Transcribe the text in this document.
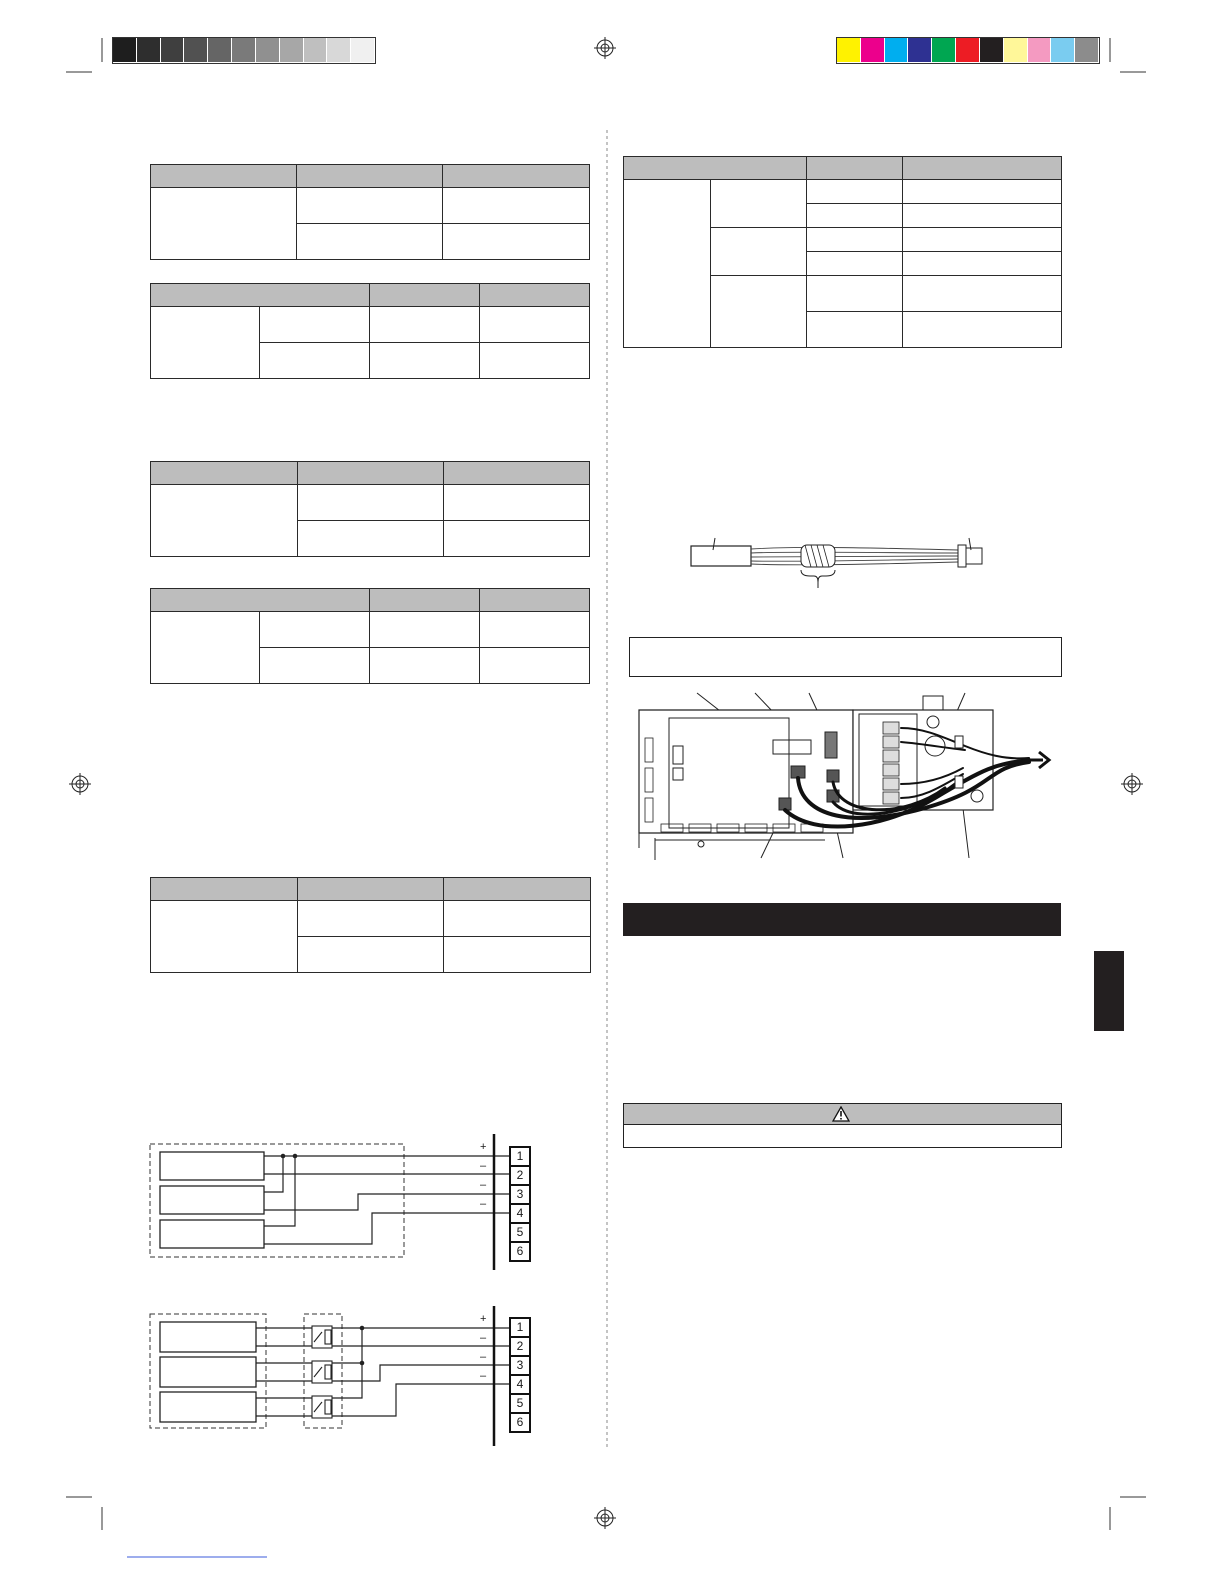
+
–
–
–
1
2
3
4
5
6
+
–
–
–
1
2
3
4
5
6
